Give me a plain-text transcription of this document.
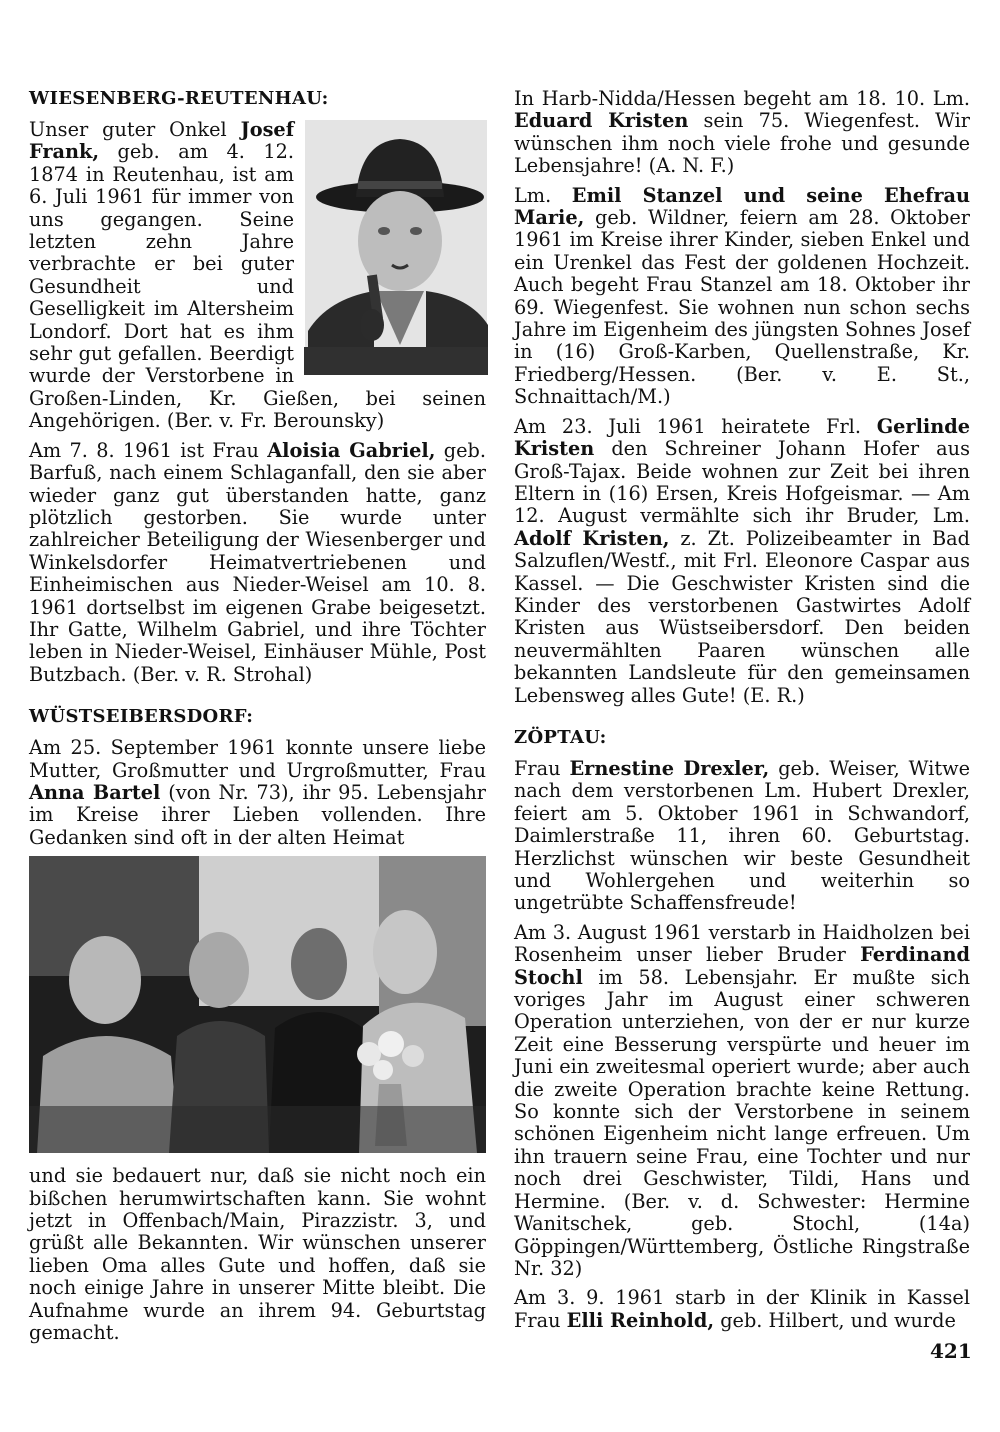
WIESENBERG-REUTENHAU:

Unser guter Onkel Josef Frank, geb. am 4. 12. 1874 in Reutenhau, ist am 6. Juli 1961 für immer von uns gegangen. Seine letzten zehn Jahre verbrachte er bei guter Gesundheit und Geselligkeit im Altersheim Londorf. Dort hat es ihm sehr gut gefallen. Beerdigt wurde der Verstorbene in Großen-Linden, Kr. Gießen, bei seinen Angehörigen. (Ber. v. Fr. Berounsky)

Am 7. 8. 1961 ist Frau Aloisia Gabriel, geb. Barfuß, nach einem Schlaganfall, den sie aber wieder ganz gut überstanden hatte, ganz plötzlich gestorben. Sie wurde unter zahlreicher Beteiligung der Wiesenberger und Winkelsdorfer Heimatvertriebenen und Einheimischen aus Nieder-Weisel am 10. 8. 1961 dortselbst im eigenen Grabe beigesetzt. Ihr Gatte, Wilhelm Gabriel, und ihre Töchter leben in Nieder-Weisel, Einhäuser Mühle, Post Butzbach. (Ber. v. R. Strohal)

WÜSTSEIBERSDORF:

Am 25. September 1961 konnte unsere liebe Mutter, Großmutter und Urgroßmutter, Frau Anna Bartel (von Nr. 73), ihr 95. Lebensjahr im Kreise ihrer Lieben vollenden. Ihre Gedanken sind oft in der alten Heimat

und sie bedauert nur, daß sie nicht noch ein bißchen herumwirtschaften kann. Sie wohnt jetzt in Offenbach/Main, Pirazzistr. 3, und grüßt alle Bekannten. Wir wünschen unserer lieben Oma alles Gute und hoffen, daß sie noch einige Jahre in unserer Mitte bleibt. Die Aufnahme wurde an ihrem 94. Geburtstag gemacht.

In Harb-Nidda/Hessen begeht am 18. 10. Lm. Eduard Kristen sein 75. Wiegenfest. Wir wünschen ihm noch viele frohe und gesunde Lebensjahre! (A. N. F.)

Lm. Emil Stanzel und seine Ehefrau Marie, geb. Wildner, feiern am 28. Oktober 1961 im Kreise ihrer Kinder, sieben Enkel und ein Urenkel das Fest der goldenen Hochzeit. Auch begeht Frau Stanzel am 18. Oktober ihr 69. Wiegenfest. Sie wohnen nun schon sechs Jahre im Eigenheim des jüngsten Sohnes Josef in (16) Groß-Karben, Quellenstraße, Kr. Friedberg/Hessen. (Ber. v. E. St., Schnaittach/M.)

Am 23. Juli 1961 heiratete Frl. Gerlinde Kristen den Schreiner Johann Hofer aus Groß-Tajax. Beide wohnen zur Zeit bei ihren Eltern in (16) Ersen, Kreis Hofgeismar. — Am 12. August vermählte sich ihr Bruder, Lm. Adolf Kristen, z. Zt. Polizeibeamter in Bad Salzuflen/Westf., mit Frl. Eleonore Caspar aus Kassel. — Die Geschwister Kristen sind die Kinder des verstorbenen Gastwirtes Adolf Kristen aus Wüstseibersdorf. Den beiden neuvermählten Paaren wünschen alle bekannten Landsleute für den gemeinsamen Lebensweg alles Gute! (E. R.)

ZÖPTAU:

Frau Ernestine Drexler, geb. Weiser, Witwe nach dem verstorbenen Lm. Hubert Drexler, feiert am 5. Oktober 1961 in Schwandorf, Daimlerstraße 11, ihren 60. Geburtstag. Herzlichst wünschen wir beste Gesundheit und Wohlergehen und weiterhin so ungetrübte Schaffensfreude!

Am 3. August 1961 verstarb in Haidholzen bei Rosenheim unser lieber Bruder Ferdinand Stochl im 58. Lebensjahr. Er mußte sich voriges Jahr im August einer schweren Operation unterziehen, von der er nur kurze Zeit eine Besserung verspürte und heuer im Juni ein zweitesmal operiert wurde; aber auch die zweite Operation brachte keine Rettung. So konnte sich der Verstorbene in seinem schönen Eigenheim nicht lange erfreuen. Um ihn trauern seine Frau, eine Tochter und nur noch drei Geschwister, Tildi, Hans und Hermine. (Ber. v. d. Schwester: Hermine Wanitschek, geb. Stochl, (14a) Göppingen/Württemberg, Östliche Ringstraße Nr. 32)

Am 3. 9. 1961 starb in der Klinik in Kassel Frau Elli Reinhold, geb. Hilbert, und wurde

421
